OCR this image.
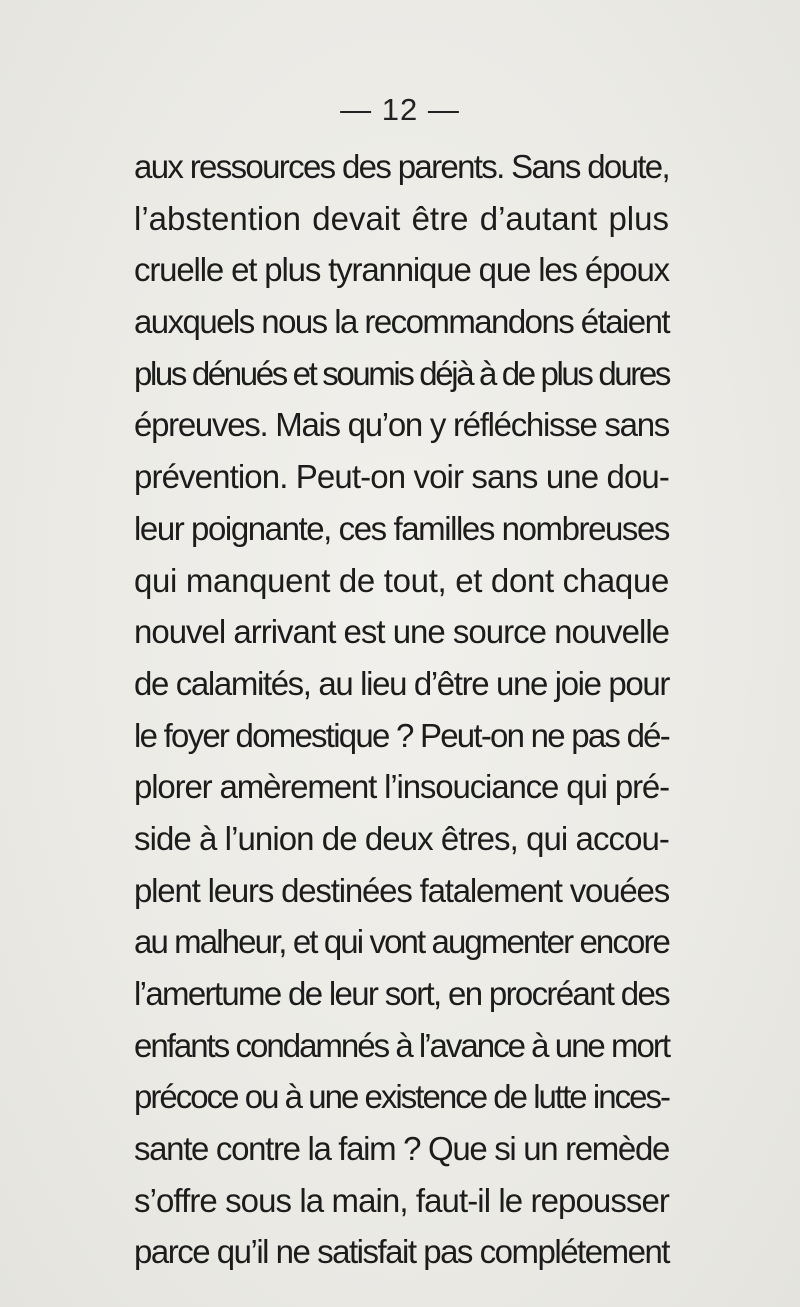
— 12 —
aux ressources des parents. Sans doute,
l’abstention devait être d’autant plus
cruelle et plus tyrannique que les époux
auxquels nous la recommandons étaient
plus dénués et soumis déjà à de plus dures
épreuves. Mais qu’on y réfléchisse sans
prévention. Peut-on voir sans une dou-
leur poignante, ces familles nombreuses
qui manquent de tout, et dont chaque
nouvel arrivant est une source nouvelle
de calamités, au lieu d’être une joie pour
le foyer domestique ? Peut-on ne pas dé-
plorer amèrement l’insouciance qui pré-
side à l’union de deux êtres, qui accou-
plent leurs destinées fatalement vouées
au malheur, et qui vont augmenter encore
l’amertume de leur sort, en procréant des
enfants condamnés à l’avance à une mort
précoce ou à une existence de lutte inces-
sante contre la faim ? Que si un remède
s’offre sous la main, faut-il le repousser
parce qu’il ne satisfait pas complétement
